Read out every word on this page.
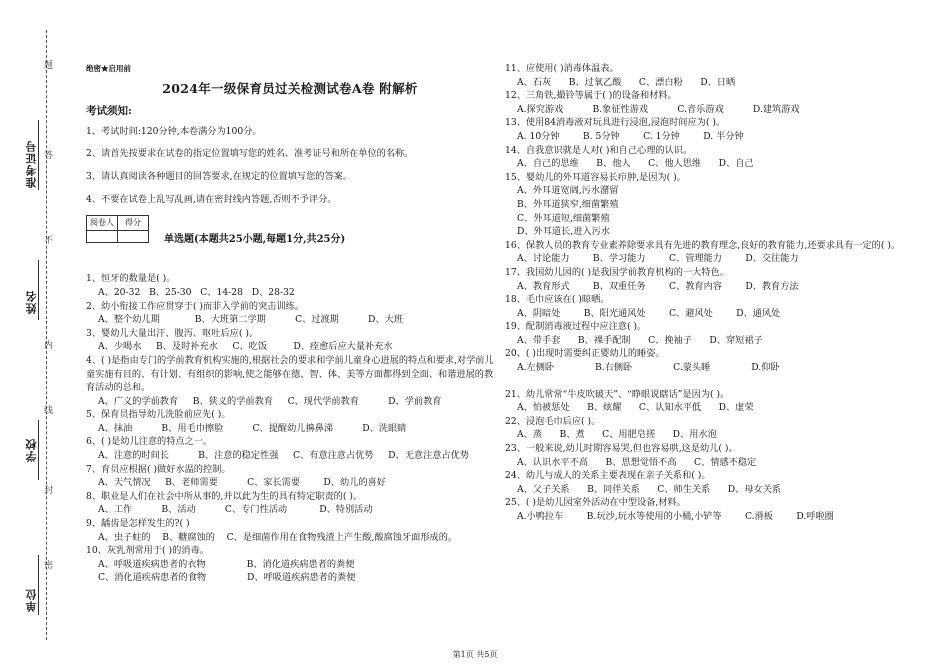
准考证号
姓名
学校
单位
题
答
不
内
线
封
密
绝密★启用前
2024年一级保育员过关检测试卷A卷 附解析
考试须知:
1、考试时间:120分钟,本卷满分为100分。
2、请首先按要求在试卷的指定位置填写您的姓名、准考证号和所在单位的名称。
3、请认真阅读各种题目的回答要求,在规定的位置填写您的答案。
4、不要在试卷上乱写乱画,请在密封线内答题,否则不予评分。
阅卷人	得分

单选题(本题共25小题,每题1分,共25分)
1、恒牙的数量是( )。
A、20-32   B、25-30   C、14-28   D、28-32
2、幼小衔接工作应贯穿于( )而非入学前的突击训练。
A、整个幼儿期            B、大班第二学期          C、过渡期          D、大班
3、婴幼儿大量出汗、腹泻、呕吐后应( )。
A、少喝水     B、及时补充水     C、吃饭         D、痊愈后应大量补充水
4、( )是指由专门的学前教育机构实施的,根据社会的要求和学前儿童身心进展的特点和要求,对学前儿童实施有目的、有计划、有组织的影响,使之能够在德、智、体、美等方面都得到全面、和谐进展的教育活动的总和。
A、广义的学前教育     B、狭义的学前教育     C、现代学前教育          D、学前教育
5、保育员指导幼儿洗脸前应先( )。
A、抹油          B、用毛巾擦脸          C、提醒幼儿擤鼻涕          D、洗眼睛
6、( )是幼儿注意的特点之一。
A、注意的时间长          B、注意的稳定性强     C、有意注意占优势     D、无意注意占优势
7、育员应根据( )做好水温的控制。
A、天气情况     B、老师需要          C、家长需要        D、幼儿的喜好
8、职业是人们在社会中所从事的,并以此为生的具有特定职责的( )。
A、工作          B、活动          C、专门性活动           D、特别活动
9、龋齿是怎样发生的?( )
A、虫子蛀的    B、糖腐蚀的    C、是细菌作用在食物残渣上产生酸,酸腐蚀牙面形成的。
10、灰乳剂常用于( )的消毒。
A、呼吸道疾病患者的衣物              B、消化道疾病患者的粪便
C、消化道疾病患者的食物              D、呼吸道疾病患者的粪便
11、应使用( )消毒体温表。
A、石灰      B、过氧乙酸      C、漂白粉      D、日晒
12、三角铁,撮铃等属于( )的设备和材料。
A.探究游戏          B.象征性游戏          C.音乐游戏          D.建筑游戏
13、使用84消毒液对玩具进行浸泡,浸泡时间应为( )。
A. 10分钟        B. 5分钟        C. 1分钟        D. 半分钟
14、自我意识就是人对( )和自己心理的认识。
A、自己的思维      B、他人      C、他人思维      D、自己
15、婴幼儿的外耳道容易长疖肿,是因为( )。
A、外耳道宽阔,污水潴留
B、外耳道狭窄,细菌繁殖
C、外耳道短,细菌繁殖
D、外耳道长,进入污水
16、保教人员的教育专业素养除要求具有先进的教育理念,良好的教育能力,还要求具有一定的( )。
A、讨论能力        B、学习能力        C、管理能力        D、交往能力
17、我国幼儿园的( )是我国学前教育机构的一大特色。
A、教育形式        B、双重任务        C、教育内容        D、教育方法
18、毛巾应该在( )晾晒。
A、阴暗处        B、阳光通风处        C、避风处        D、通风处
19、配制消毒液过程中应注意( )。
A、带手套      B、裸手配制      C、挽袖子      D、穿短裙子
20、( )出现时需要纠正婴幼儿的睡姿。
A.左侧卧              B.右侧卧              C.蒙头睡              D.仰卧
21、幼儿常常“牛皮吹破天”、“睁眼说瞎话”是因为( )。
A、怕被惩处      B、炫耀      C、认知水平低      D、虚荣
22、浸泡毛巾后应( )。
A、蒸      B、煮      C、用肥皂搓      D、用水泡
23、一般来说,幼儿时期容易哭,但也容易哄,这是幼儿( )。
A、认识水平不高      B、思想觉悟不高      C、情感不稳定
24、幼儿与成人的关系主要表现在亲子关系和( )。
A、父子关系      B、同伴关系      C、师生关系      D、母女关系
25、( )是幼儿园室外活动在中型设备,材料。
A.小鸭拉车        B.玩沙,玩水等使用的小桶,小铲等        C.滑板        D.呼啦圈
第1页 共5页
